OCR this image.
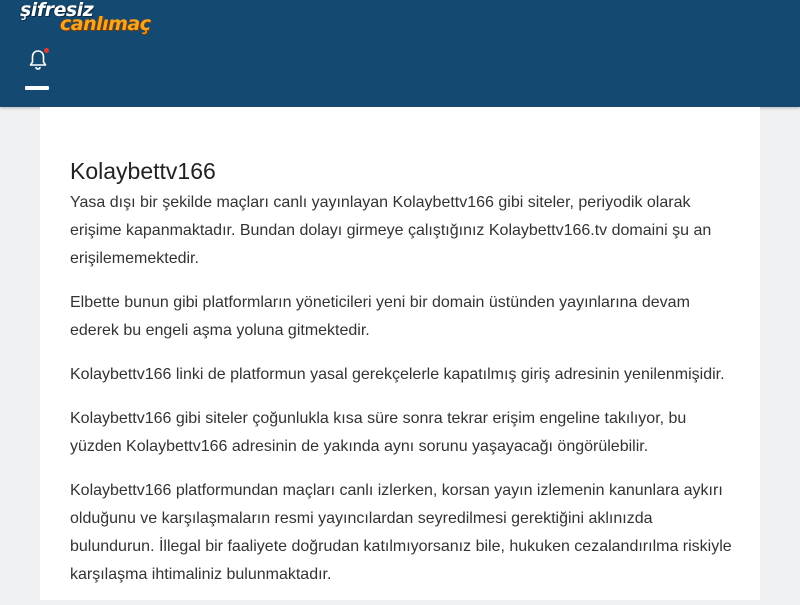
şifresiz
canlımaç
Kolaybettv166

Yasa dışı bir şekilde maçları canlı yayınlayan Kolaybettv166 gibi siteler, periyodik olarak erişime kapanmaktadır. Bundan dolayı girmeye çalıştığınız Kolaybettv166.tv domaini şu an erişilememektedir.

Elbette bunun gibi platformların yöneticileri yeni bir domain üstünden yayınlarına devam ederek bu engeli aşma yoluna gitmektedir.

Kolaybettv166 linki de platformun yasal gerekçelerle kapatılmış giriş adresinin yenilenmişidir.

Kolaybettv166 gibi siteler çoğunlukla kısa süre sonra tekrar erişim engeline takılıyor, bu yüzden Kolaybettv166 adresinin de yakında aynı sorunu yaşayacağı öngörülebilir.

Kolaybettv166 platformundan maçları canlı izlerken, korsan yayın izlemenin kanunlara aykırı olduğunu ve karşılaşmaların resmi yayıncılardan seyredilmesi gerektiğini aklınızda bulundurun. İllegal bir faaliyete doğrudan katılmıyorsanız bile, hukuken cezalandırılma riskiyle karşılaşma ihtimaliniz bulunmaktadır.
